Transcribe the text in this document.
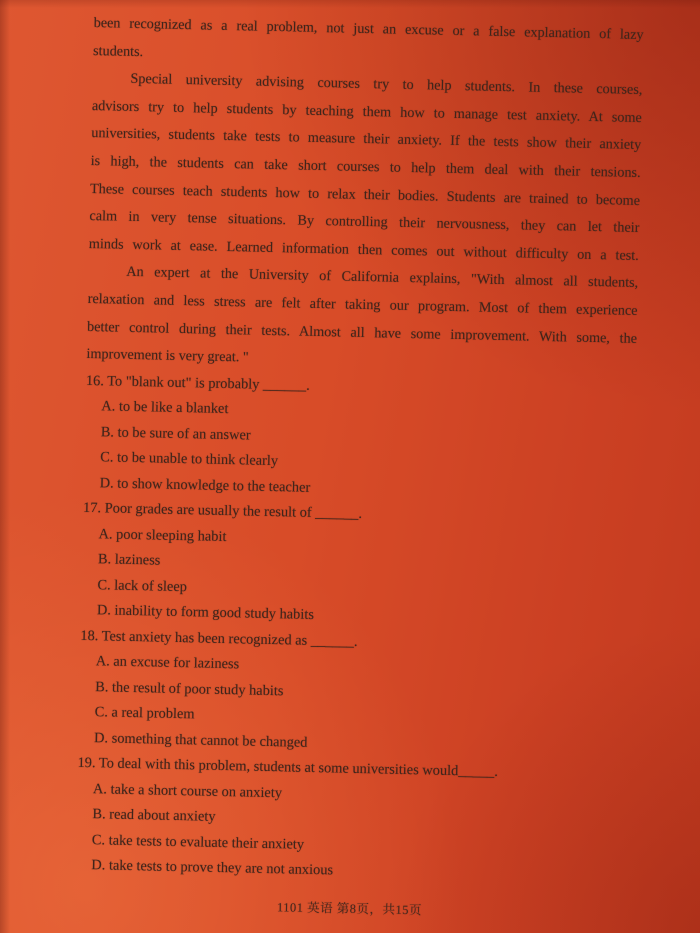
been recognized as a real problem, not just an excuse or a false explanation of lazy
students.
Special university advising courses try to help students. In these courses,
advisors try to help students by teaching them how to manage test anxiety. At some
universities, students take tests to measure their anxiety. If the tests show their anxiety
is high, the students can take short courses to help them deal with their tensions.
These courses teach students how to relax their bodies. Students are trained to become
calm in very tense situations. By controlling their nervousness, they can let their
minds work at ease. Learned information then comes out without difficulty on a test.
An expert at the University of California explains, "With almost all students,
relaxation and less stress are felt after taking our program. Most of them experience
better control during their tests. Almost all have some improvement. With some, the
improvement is very great. "
16. To "blank out" is probably ______.
A. to be like a blanket
B. to be sure of an answer
C. to be unable to think clearly
D. to show knowledge to the teacher
17. Poor grades are usually the result of ______.
A. poor sleeping habit
B. laziness
C. lack of sleep
D. inability to form good study habits
18. Test anxiety has been recognized as ______.
A. an excuse for laziness
B. the result of poor study habits
C. a real problem
D. something that cannot be changed
19. To deal with this problem, students at some universities would_____.
A. take a short course on anxiety
B. read about anxiety
C. take tests to evaluate their anxiety
D. take tests to prove they are not anxious
1101 英语 第8页，共15页
